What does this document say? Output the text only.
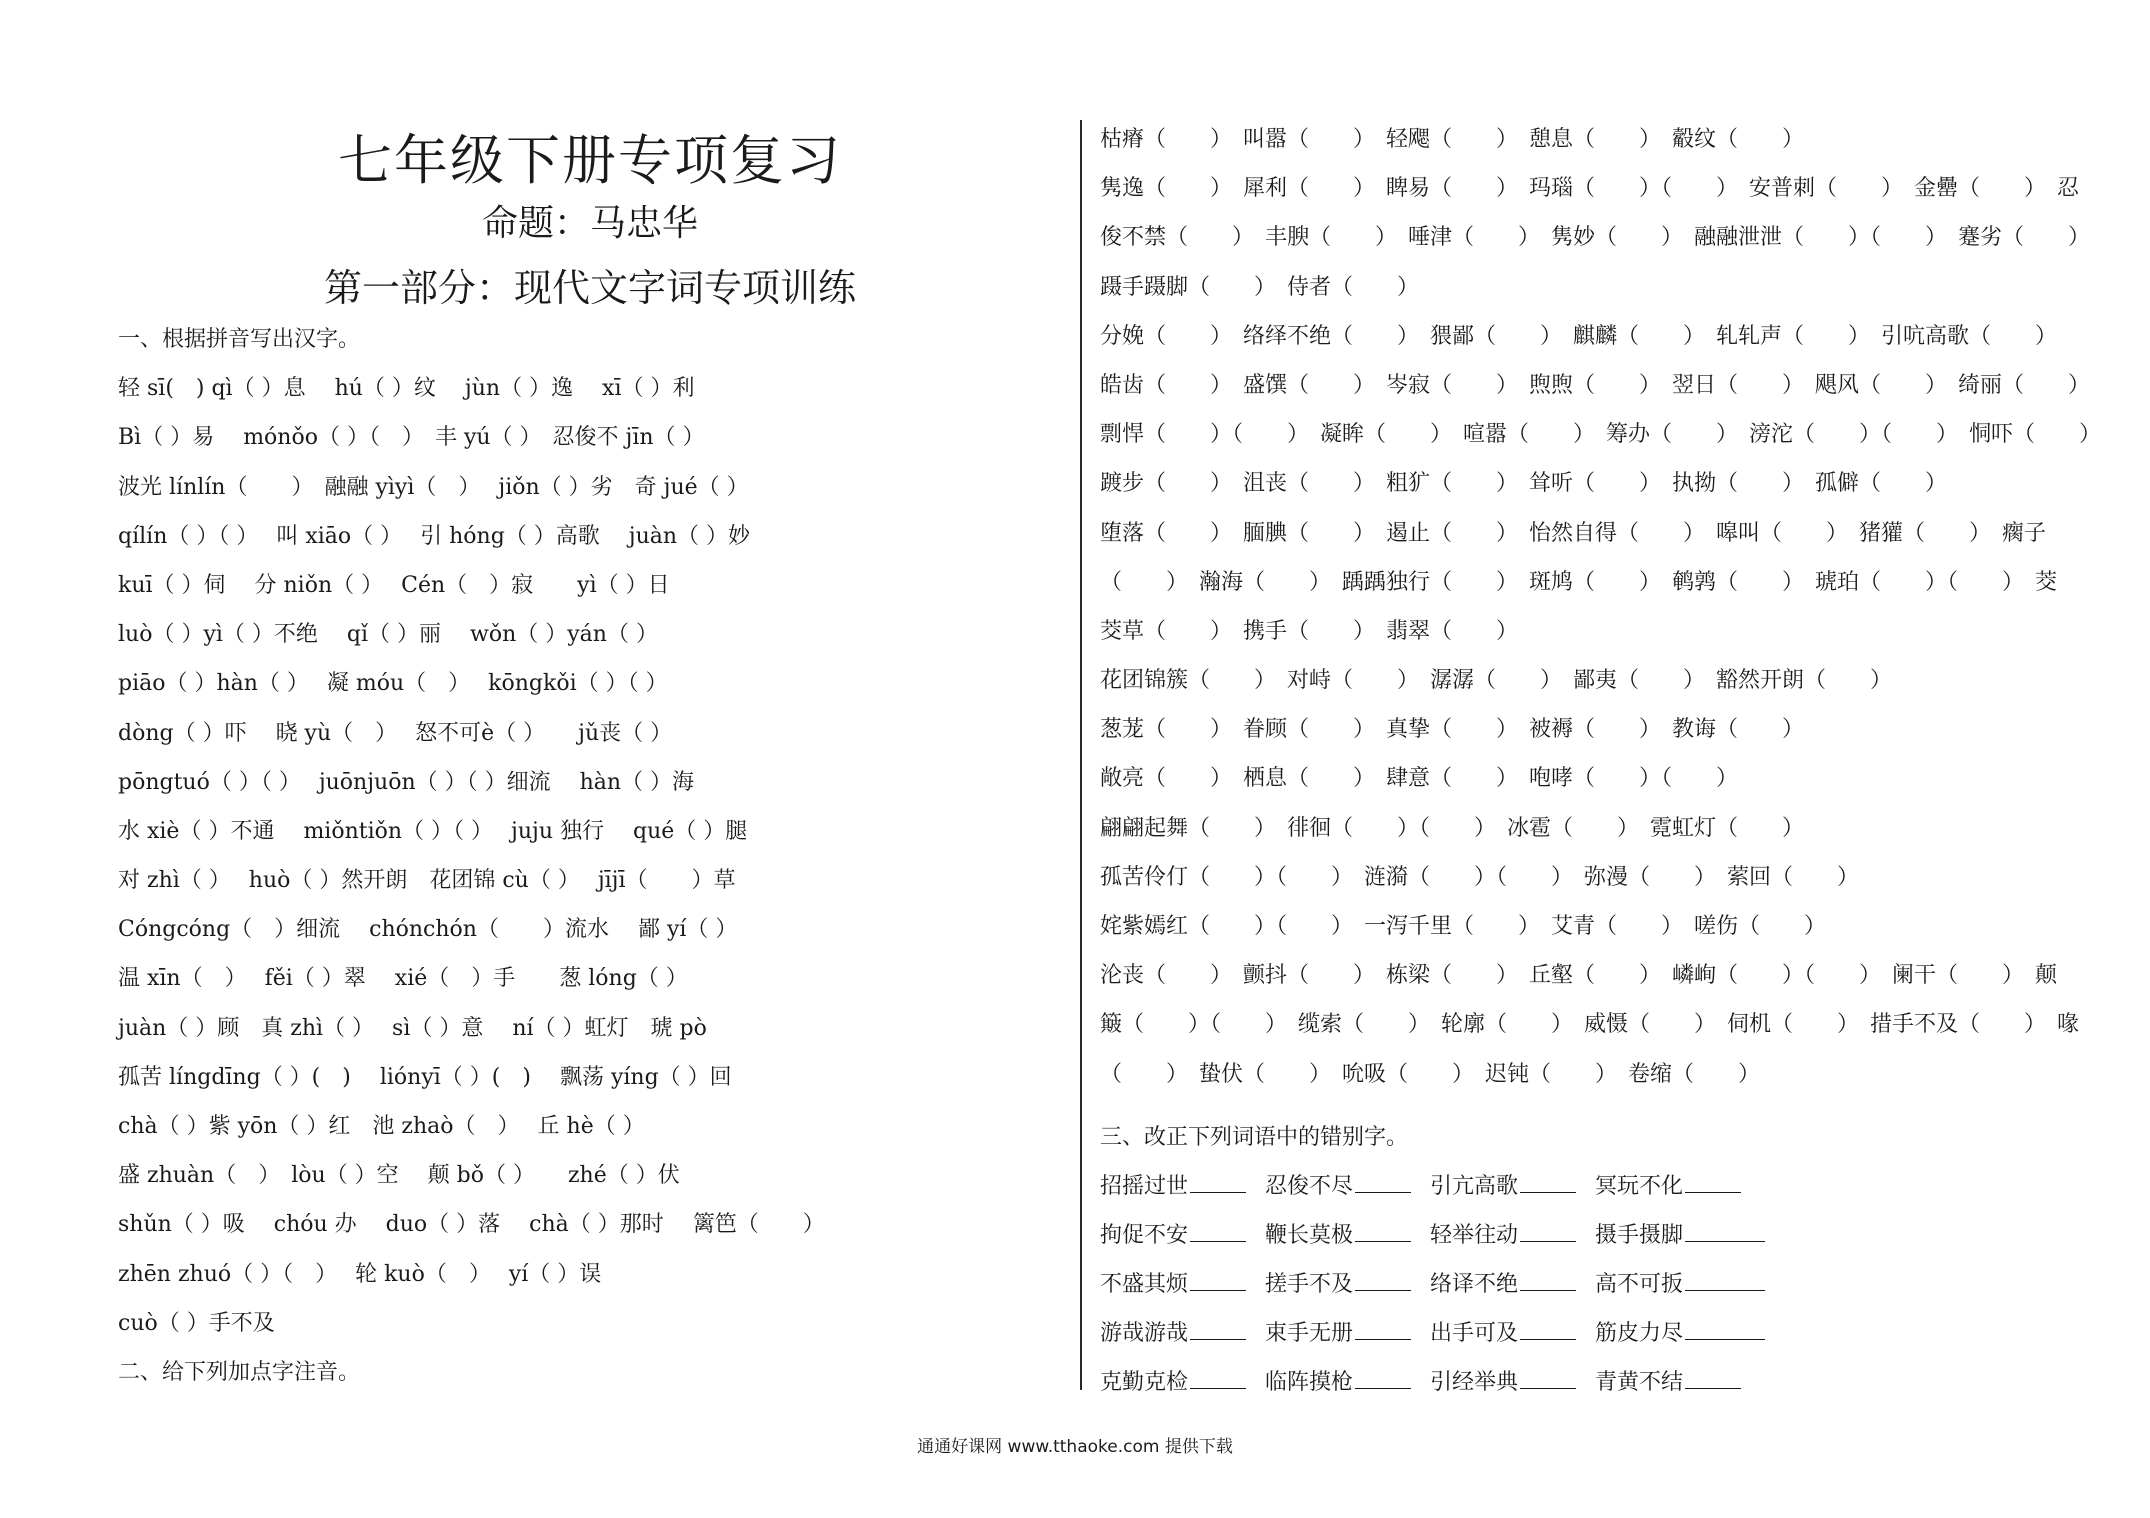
七年级下册专项复习
命题：马忠华
第一部分：现代文字词专项训练
一、根据拼音写出汉字。
轻 sī(　) qì（ ）息　 hú（ ）纹　 jùn（ ）逸　 xī（ ）利
Bì（ ）易　 mónǒo（ ）（　）　丰 yú（ ）　忍俊不 jīn（ ）
波光 línlín（　　）　融融 yìyì（　）　 jiǒn（ ）劣　奇 jué（ ）
qílín（ ）（ ）　 叫 xiāo（ ）　 引 hóng（ ）高歌　 juàn（ ）妙
kuī（ ）伺　 分 niǒn（ ）　 Cén（　）寂　　yì（ ）日
luò（ ）yì（ ）不绝　 qǐ（ ）丽　 wǒn（ ）yán（ ）
piāo（ ）hàn（ ）　 凝 móu（　）　 kōngkǒi（ ）（ ）
dòng（ ）吓　 晓 yù（　）　 怒不可è（ ）　　jǔ丧（ ）
pōngtuó（ ）（ ）　 juōnjuōn（ ）（ ）细流　 hàn（ ）海
水 xiè（ ）不通　 miǒntiǒn（ ）（ ）　 juju 独行　 qué（ ）腿
对 zhì（ ）　 huò（ ）然开朗　花团锦 cù（ ）　 jījī（　　）草
Cóngcóng（　）细流　 chónchón（　　）流水　 鄙 yí（ ）
温 xīn（　）　 fěi（ ）翠　 xié（　）手　　葱 lóng（ ）
juàn（ ）顾　真 zhì（ ）　 sì（ ）意　 ní（ ）虹灯　琥 pò
孤苦 língdīng（ ）(　)　 liónyī（ ）(　)　 飘荡 yíng（ ）回
chà（ ）紫 yōn（ ）红　池 zhaò（　）　 丘 hè（ ）
盛 zhuàn（　）　lòu（ ）空　 颠 bǒ（ ）　　zhé（ ）伏
shǔn（ ）吸　 chóu 办　 duo（ ）落　 chà（ ）那时　 篱笆（　　）
zhēn zhuó（ ）（　）　 轮 kuò（　）　 yí（ ）误
cuò（ ）手不及
二、给下列加点字注音。
枯瘠（　　）　叫嚣（　　）　轻飔（　　）　憩息（　　）　觳纹（　　）
隽逸（　　）　犀利（　　）　睥易（　　）　玛瑙（　　）（　　）　安普刺（　　）　金罍（　　）　忍
俊不禁（　　）　丰腴（　　）　唾津（　　）　隽妙（　　）　融融泄泄（　　）（　　）　蹇劣（　　）
蹑手蹑脚（　　）　侍者（　　）
分娩（　　）　络绎不绝（　　）　猥鄙（　　）　麒麟（　　）　轧轧声（　　）　引吭高歌（　　）
皓齿（　　）　盛馔（　　）　岑寂（　　）　煦煦（　　）　翌日（　　）　飓风（　　）　绮丽（　　）
剽悍（　　）（　　）　凝眸（　　）　喧嚣（　　）　筹办（　　）　滂沱（　　）（　　）　恫吓（　　）
踱步（　　）　沮丧（　　）　粗犷（　　）　耸听（　　）　执拗（　　）　孤僻（　　）
堕落（　　）　腼腆（　　）　遏止（　　）　怡然自得（　　）　嗥叫（　　）　猪獾（　　）　瘸子
（　　）　瀚海（　　）　踽踽独行（　　）　斑鸠（　　）　鹌鹑（　　）　琥珀（　　）（　　）　茭
茭草（　　）　携手（　　）　翡翠（　　）
花团锦簇（　　）　对峙（　　）　潺潺（　　）　鄙夷（　　）　豁然开朗（　　）
葱茏（　　）　眷顾（　　）　真挚（　　）　被褥（　　）　教诲（　　）
敞亮（　　）　栖息（　　）　肆意（　　）　咆哮（　　）（　　）
翩翩起舞（　　）　徘徊（　　）（　　）　冰雹（　　）　霓虹灯（　　）
孤苦伶仃（　　）（　　）　涟漪（　　）（　　）　弥漫（　　）　萦回（　　）
姹紫嫣红（　　）（　　）　一泻千里（　　）　艾青（　　）　嗟伤（　　）
沦丧（　　）　颤抖（　　）　栋梁（　　）　丘壑（　　）　嶙峋（　　）（　　）　阑干（　　）　颠
簸（　　）（　　）　缆索（　　）　轮廓（　　）　威慑（　　）　伺机（　　）　措手不及（　　）　喙
（　　）　蛰伏（　　）　吮吸（　　）　迟钝（　　）　卷缩（　　）
三、改正下列词语中的错别字。
招摇过世	忍俊不尽	引亢高歌	冥玩不化
拘促不安	鞭长莫极	轻举往动	摄手摄脚
不盛其烦	搓手不及	络译不绝	高不可扳
游哉游哉	束手无册	出手可及	筋皮力尽
克勤克检	临阵摸枪	引经举典	青黄不结
通通好课网 www.tthaoke.com 提供下载
